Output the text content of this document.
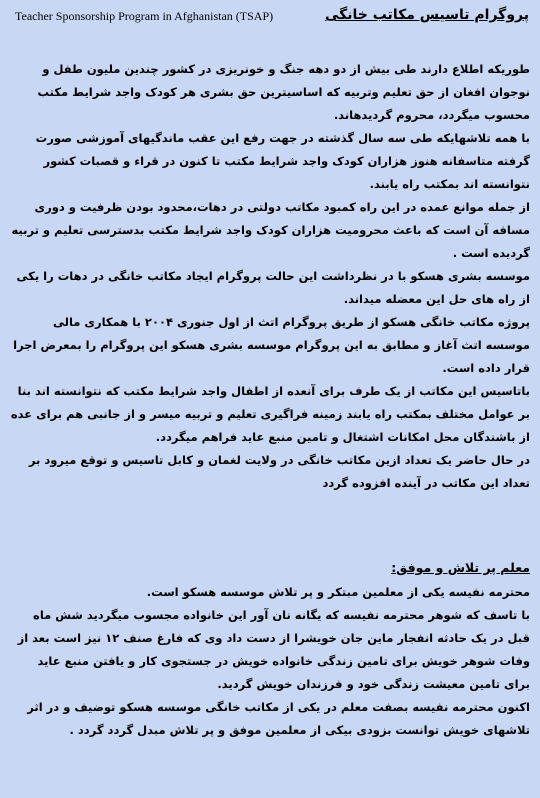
پروگرام تاسیس مکاتب خانگی
Teacher Sponsorship Program in Afghanistan (TSAP)

طوریکه اطلاع دارند طی بیش از دو دهه جنگ و خونریزی در کشور چندین ملیون طفل و نوجوان افغان از حق تعلیم وتربیه که اساسیترین حق بشری هر کودک واجد شرایط مکتب محسوب میگردد، محروم گردیدهاند.

با همه تلاشهایکه طی سه سال گذشته در جهت رفع این عقب ماندگیهای آموزشی صورت گرفته متاسفانه هنوز هزاران کودک واجد شرایط مکتب تا کنون در قراء و قصبات کشور نتوانسته اند بمکتب راه یابند.

از جمله موانع عمده در این راه کمبود مکاتب دولتی در دهات،محدود بودن ظرفیت و دوری مسافه آن است که باعث محرومیت هزاران کودک واجد شرایط مکتب بدسترسی تعلیم و تربیه گردیده است .

موسسه بشری هسکو با در نظرداشت این حالت پروگرام ایجاد مکاتب خانگی در دهات را یکی از راه های حل این معضله میداند.

پروژه مکاتب خانگی هسکو از طریق پروگرام اتث از اول جنوری ۲۰۰۴ با همکاری مالی موسسه اتث آغاز و مطابق به این پروگرام موسسه بشری هسکو این پروگرام را بمعرض اجرا قرار داده است.

باتاسیس این مکاتب از یک طرف برای آنعده از اطفال واجد شرایط مکتب که نتوانسته اند بنا بر عوامل مختلف بمکتب راه یابند زمینه فراگیری تعلیم و تربیه میسر و از جانبی هم برای عده از باشندگان محل امکانات اشتغال و تامین منبع عاید فراهم میگردد.

در حال حاضر یک تعداد ازین مکاتب خانگی در ولایت لغمان و کابل تاسیس و توقع میرود بر تعداد این مکاتب در آینده افزوده گردد

معلم پر تلاش و موفق:

محترمه نفیسه یکی از معلمین مبتکر و پر تلاش موسسه هسکو است.

با تاسف که شوهر محترمه نفیسه که یگانه نان آور این خانواده مجسوب میگردید شش ماه قبل در یک حادثه انفجار ماین جان خویشرا از دست داد وی که فارغ صنف ۱۲ نیز است بعد از وفات شوهر خویش برای تامین زندگی خانواده خویش در جستجوی کار و یافتن منبع عاید برای تامین معیشت زندگی خود و فرزندان خویش گردید.

اکنون محترمه نفیسه بصفت معلم در یکی از مکاتب خانگی موسسه هسکو توضیف و در اثر تلاشهای خویش توانست بزودی بیکی از معلمین موفق و پر تلاش مبدل گردد گردد .
